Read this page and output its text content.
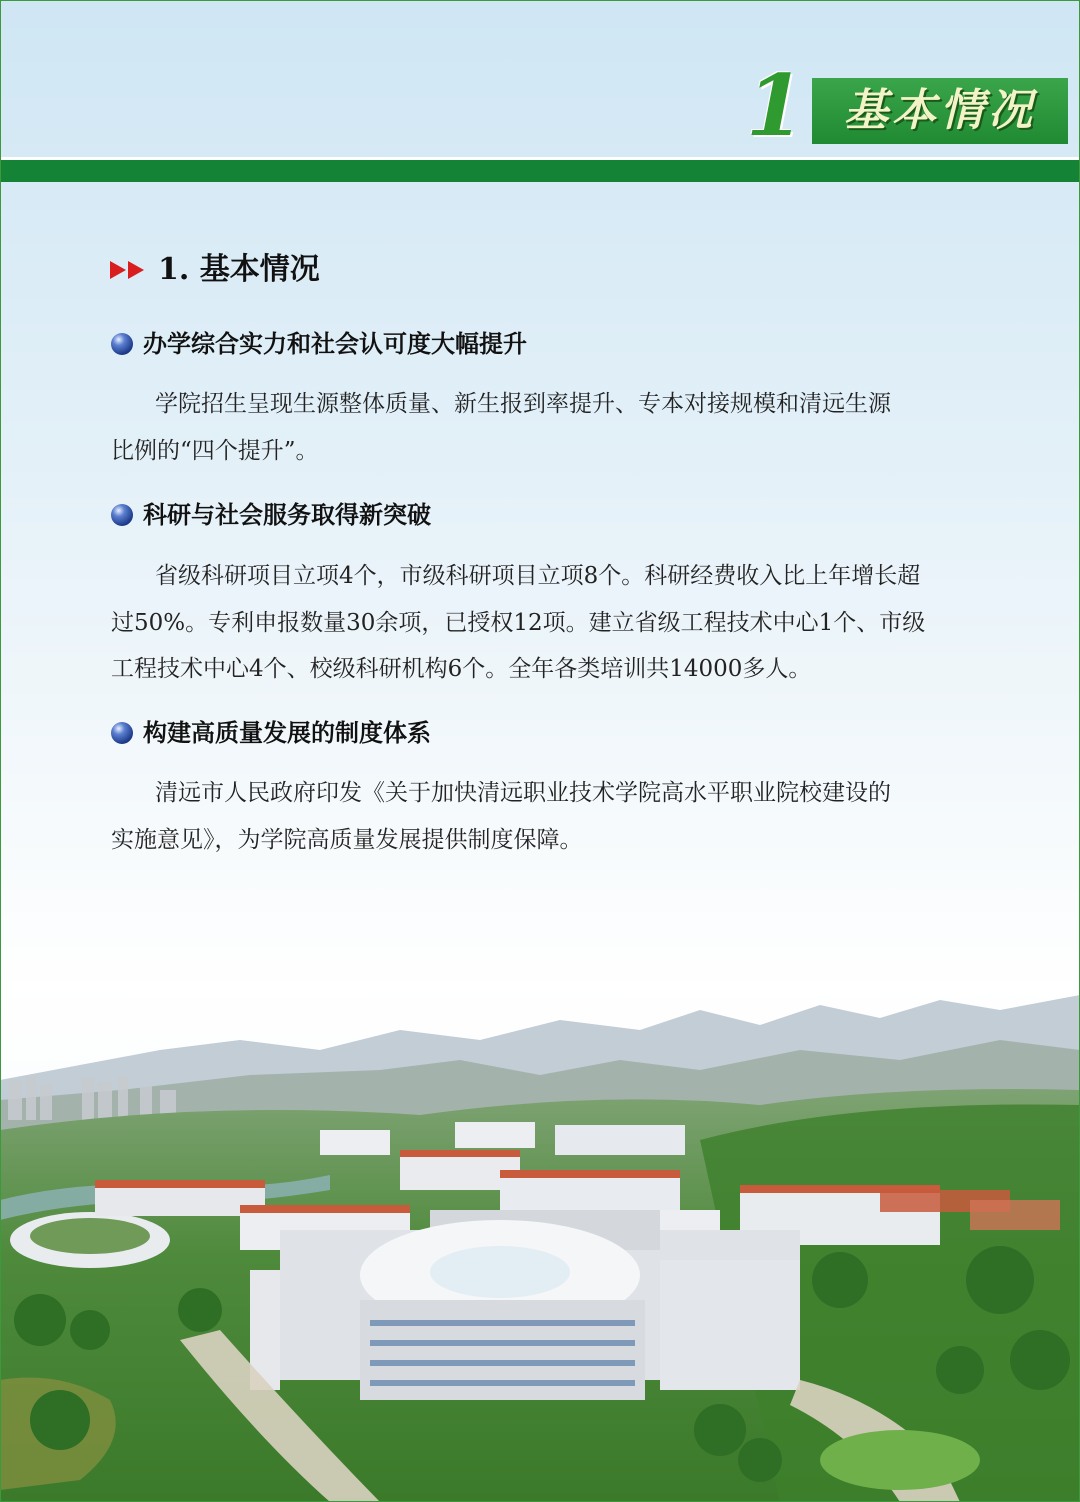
1 基本情况
1. 基本情况
办学综合实力和社会认可度大幅提升

学院招生呈现生源整体质量、新生报到率提升、专本对接规模和清远生源

比例的“四个提升”。

科研与社会服务取得新突破

省级科研项目立项4个，市级科研项目立项8个。科研经费收入比上年增长超

过50%。专利申报数量30余项，已授权12项。建立省级工程技术中心1个、市级

工程技术中心4个、校级科研机构6个。全年各类培训共14000多人。

构建高质量发展的制度体系

清远市人民政府印发《关于加快清远职业技术学院高水平职业院校建设的

实施意见》，为学院高质量发展提供制度保障。
